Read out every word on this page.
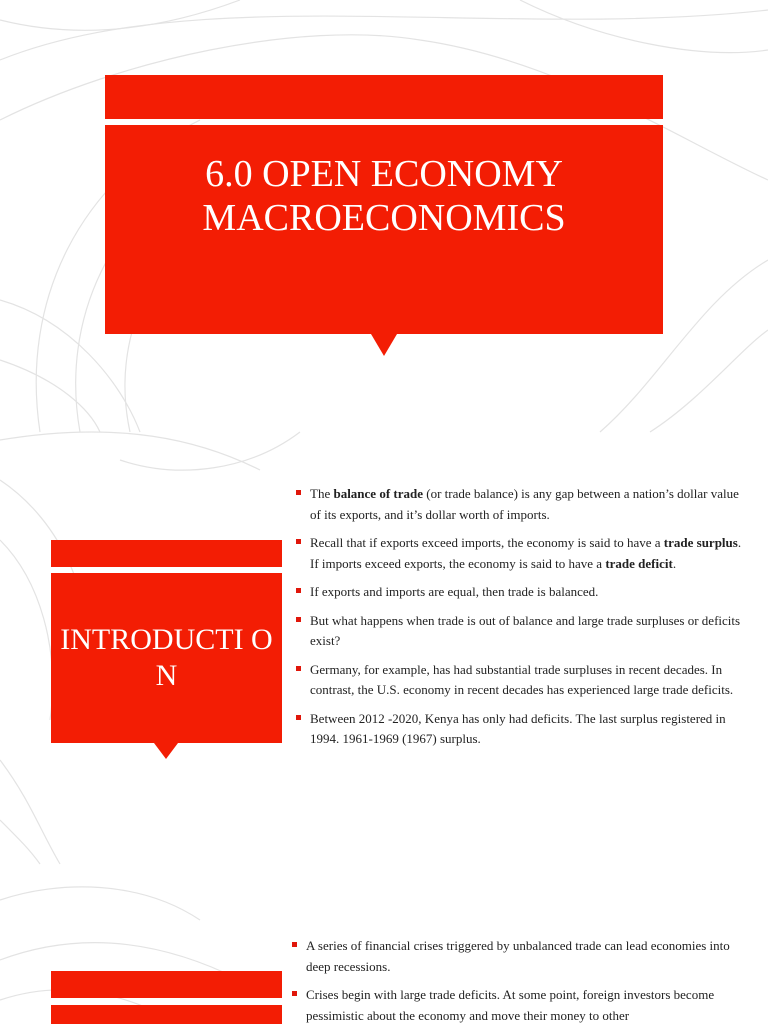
6.0 OPEN ECONOMY
MACROECONOMICS
INTRODUCTI ON
The balance of trade (or trade balance) is any gap between a nation’s dollar value of its exports, and it’s dollar worth of imports.
Recall that if exports exceed imports, the economy is said to have a trade surplus. If imports exceed exports, the economy is said to have a trade deficit.
If exports and imports are equal, then trade is balanced.
But what happens when trade is out of balance and large trade surpluses or deficits exist?
Germany, for example, has had substantial trade surpluses in recent decades. In contrast, the U.S. economy in recent decades has experienced large trade deficits.
Between 2012 -2020, Kenya has only had deficits. The last surplus registered in 1994. 1961-1969 (1967) surplus.
A series of financial crises triggered by unbalanced trade can lead economies into deep recessions.
Crises begin with large trade deficits. At some point, foreign investors become pessimistic about the economy and move their money to other
